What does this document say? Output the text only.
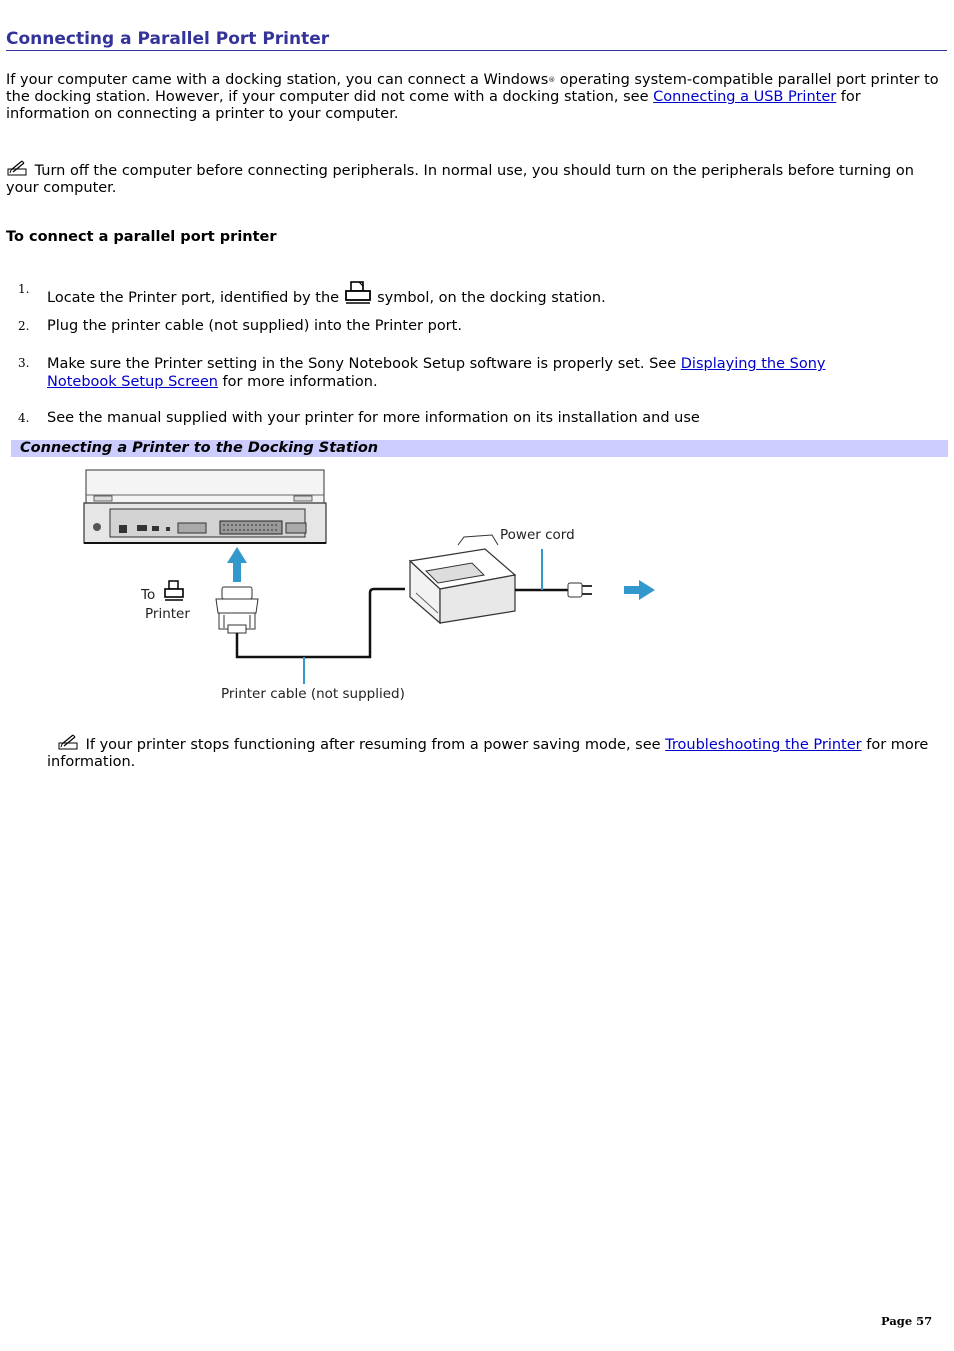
Connecting a Parallel Port Printer
If your computer came with a docking station, you can connect a Windows® operating system-compatible parallel port printer to the docking station. However, if your computer did not come with a docking station, see Connecting a USB Printer for information on connecting a printer to your computer.
Turn off the computer before connecting peripherals. In normal use, you should turn on the peripherals before turning on your computer.
To connect a parallel port printer
1.
Locate the Printer port, identified by the	symbol, on the docking station.
2. Plug the printer cable (not supplied) into the Printer port.
3. Make sure the Printer setting in the Sony Notebook Setup software is properly set. See Displaying the Sony Notebook Setup Screen for more information.
4. See the manual supplied with your printer for more information on its installation and use
Connecting a Printer to the Docking Station
Power cord
To
Printer
Printer cable (not supplied)
If your printer stops functioning after resuming from a power saving mode, see Troubleshooting the Printer for more information.
Page 57
